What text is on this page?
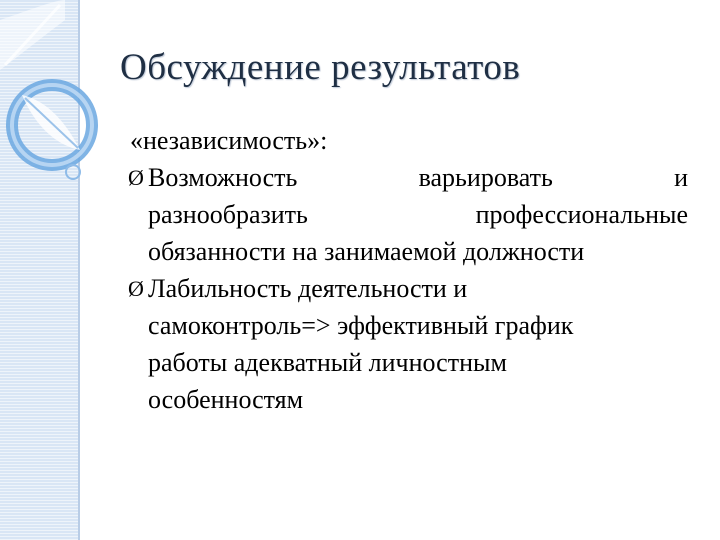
Обсуждение результатов
«независимость»:
Ø Возможность варьировать и
разнообразить профессиональные
обязанности на занимаемой должности
Ø Лабильность деятельности и
самоконтроль=> эффективный график
работы адекватный личностным
особенностям
